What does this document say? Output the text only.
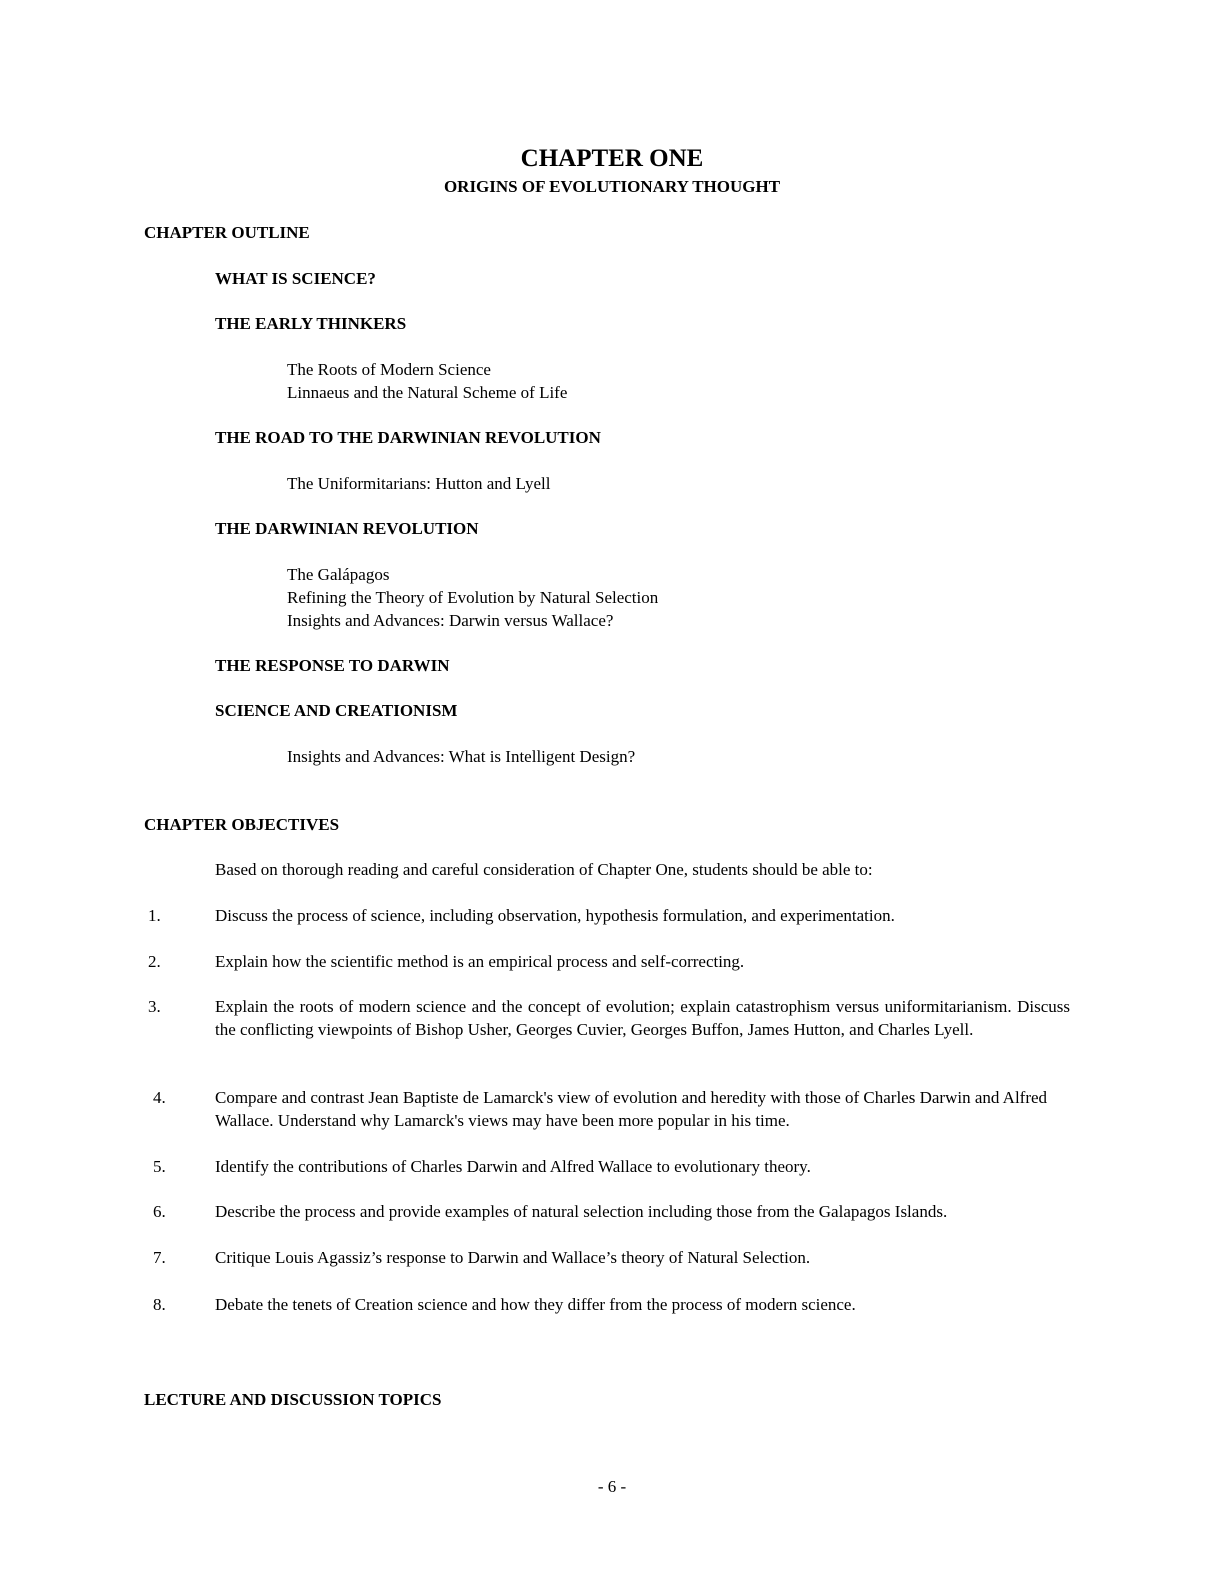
CHAPTER ONE
ORIGINS OF EVOLUTIONARY THOUGHT
CHAPTER OUTLINE
WHAT IS SCIENCE?
THE EARLY THINKERS
The Roots of Modern Science
Linnaeus and the Natural Scheme of Life
THE ROAD TO THE DARWINIAN REVOLUTION
The Uniformitarians: Hutton and Lyell
THE DARWINIAN REVOLUTION
The Galápagos
Refining the Theory of Evolution by Natural Selection
Insights and Advances: Darwin versus Wallace?
THE RESPONSE TO DARWIN
SCIENCE AND CREATIONISM
Insights and Advances: What is Intelligent Design?
CHAPTER OBJECTIVES
Based on thorough reading and careful consideration of Chapter One, students should be able to:
1.	Discuss the process of science, including observation, hypothesis formulation, and experimentation.
2.	Explain how the scientific method is an empirical process and self-correcting.
3.	Explain the roots of modern science and the concept of evolution; explain catastrophism versus uniformitarianism. Discuss the conflicting viewpoints of Bishop Usher, Georges Cuvier, Georges Buffon, James Hutton, and Charles Lyell.
4.	Compare and contrast Jean Baptiste de Lamarck's view of evolution and heredity with those of Charles Darwin and Alfred Wallace. Understand why Lamarck's views may have been more popular in his time.
5.	Identify the contributions of Charles Darwin and Alfred Wallace to evolutionary theory.
6.	Describe the process and provide examples of natural selection including those from the Galapagos Islands.
7.	Critique Louis Agassiz’s response to Darwin and Wallace’s theory of Natural Selection.
8.	Debate the tenets of Creation science and how they differ from the process of modern science.
LECTURE AND DISCUSSION TOPICS
- 6 -
